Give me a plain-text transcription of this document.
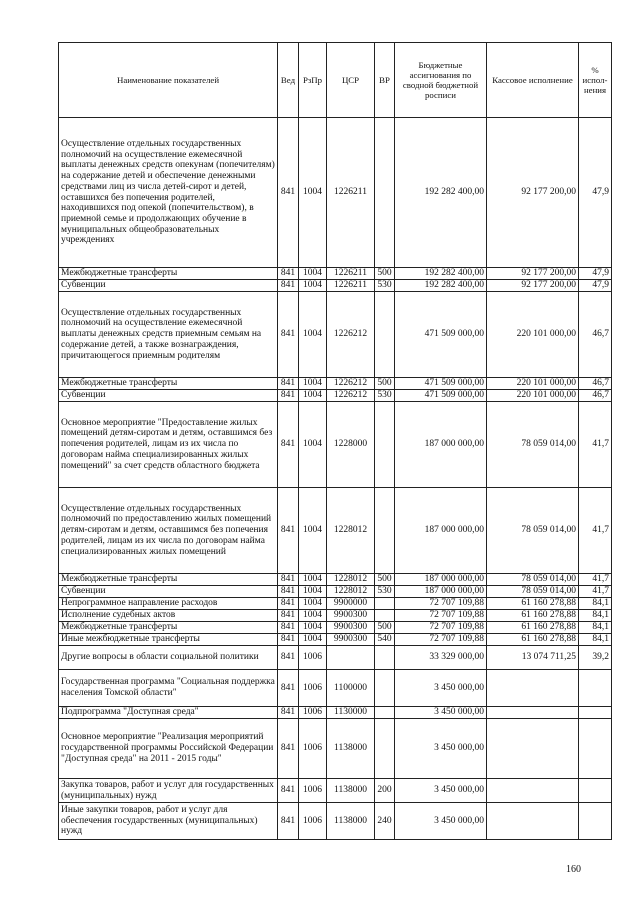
Наименование показателей	Вед	РзПр	ЦСР	ВР	Бюджетные ассигнования по сводной бюджетной росписи	Кассовое исполнение	% испол-нения
Осуществление отдельных государственных полномочий на осуществление ежемесячной выплаты денежных средств опекунам (попечителям) на содержание детей и обеспечение денежными средствами лиц из числа детей-сирот и детей, оставшихся без попечения родителей, находившихся под опекой (попечительством), в приемной семье и продолжающих обучение в муниципальных общеобразовательных учреждениях	841	1004	1226211		192 282 400,00	92 177 200,00	47,9
Межбюджетные трансферты	841	1004	1226211	500	192 282 400,00	92 177 200,00	47,9
Субвенции	841	1004	1226211	530	192 282 400,00	92 177 200,00	47,9
Осуществление отдельных государственных полномочий на осуществление ежемесячной выплаты денежных средств приемным семьям на содержание детей, а также вознаграждения, причитающегося приемным родителям	841	1004	1226212		471 509 000,00	220 101 000,00	46,7
Межбюджетные трансферты	841	1004	1226212	500	471 509 000,00	220 101 000,00	46,7
Субвенции	841	1004	1226212	530	471 509 000,00	220 101 000,00	46,7
Основное мероприятие "Предоставление жилых помещений детям-сиротам и детям, оставшимся без попечения родителей, лицам из их числа по договорам найма специализированных жилых помещений" за счет средств областного бюджета	841	1004	1228000		187 000 000,00	78 059 014,00	41,7
Осуществление отдельных государственных полномочий по предоставлению жилых помещений детям-сиротам и детям, оставшимся без попечения родителей, лицам из их числа по договорам найма специализированных жилых помещений	841	1004	1228012		187 000 000,00	78 059 014,00	41,7
Межбюджетные трансферты	841	1004	1228012	500	187 000 000,00	78 059 014,00	41,7
Субвенции	841	1004	1228012	530	187 000 000,00	78 059 014,00	41,7
Непрограммное направление расходов	841	1004	9900000		72 707 109,88	61 160 278,88	84,1
Исполнение судебных актов	841	1004	9900300		72 707 109,88	61 160 278,88	84,1
Межбюджетные трансферты	841	1004	9900300	500	72 707 109,88	61 160 278,88	84,1
Иные межбюджетные трансферты	841	1004	9900300	540	72 707 109,88	61 160 278,88	84,1
Другие вопросы в области социальной политики	841	1006			33 329 000,00	13 074 711,25	39,2
Государственная программа "Социальная поддержка населения Томской области"	841	1006	1100000		3 450 000,00		
Подпрограмма "Доступная среда"	841	1006	1130000		3 450 000,00		
Основное мероприятие "Реализация мероприятий государственной программы Российской Федерации "Доступная среда" на 2011 - 2015 годы"	841	1006	1138000		3 450 000,00		
Закупка товаров, работ и услуг для государственных (муниципальных) нужд	841	1006	1138000	200	3 450 000,00		
Иные закупки товаров, работ и услуг для обеспечения государственных (муниципальных) нужд	841	1006	1138000	240	3 450 000,00		
160
